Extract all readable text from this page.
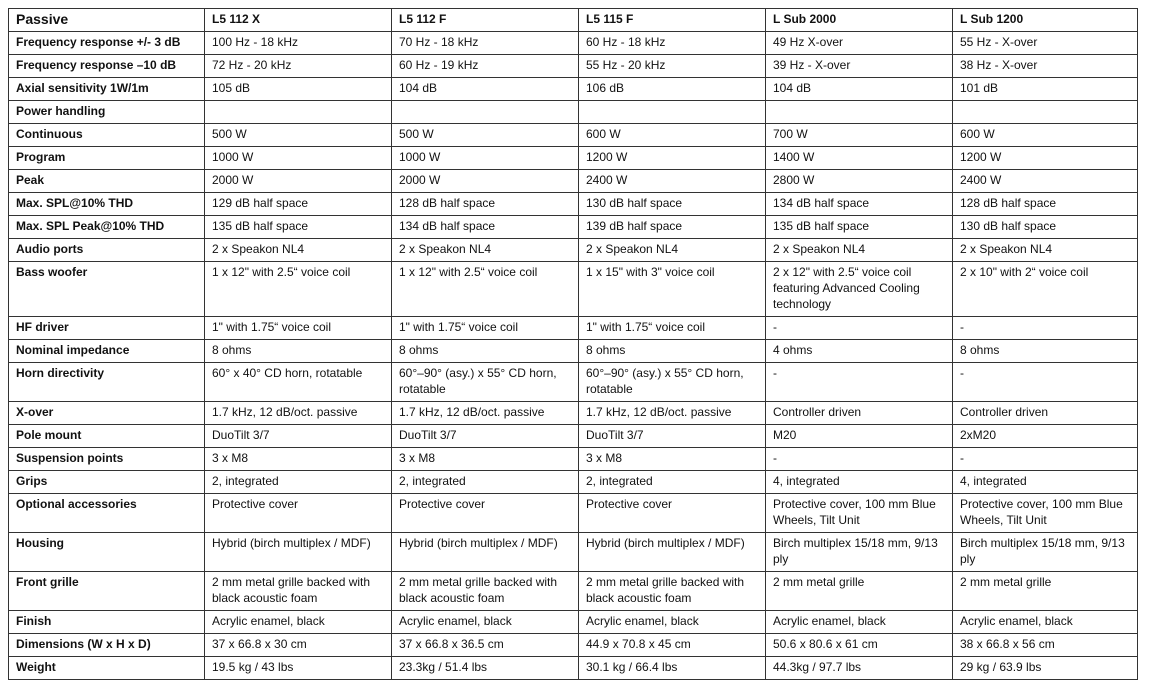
Passive	L5 112 X	L5 112 F	L5 115 F	L Sub 2000	L Sub 1200
Frequency response +/- 3 dB	100 Hz - 18 kHz	70 Hz - 18 kHz	60 Hz - 18 kHz	49 Hz X-over	55 Hz - X-over
Frequency response –10 dB	72 Hz - 20 kHz	60 Hz - 19 kHz	55 Hz - 20 kHz	39 Hz - X-over	38 Hz - X-over
Axial sensitivity 1W/1m	105 dB	104 dB	106 dB	104 dB	101 dB
Power handling					
Continuous	500 W	500 W	600 W	700 W	600 W
Program	1000 W	1000 W	1200 W	1400 W	1200 W
Peak	2000 W	2000 W	2400 W	2800 W	2400 W
Max. SPL@10% THD	129 dB half space	128 dB half space	130 dB half space	134 dB half space	128 dB half space
Max. SPL Peak@10% THD	135 dB half space	134 dB half space	139 dB half space	135 dB half space	130 dB half space
Audio ports	2 x Speakon NL4	2 x Speakon NL4	2 x Speakon NL4	2 x Speakon NL4	2 x Speakon NL4
Bass woofer	1 x 12" with 2.5“ voice coil	1 x 12" with 2.5“ voice coil	1 x 15" with 3" voice coil	2 x 12" with 2.5“ voice coil featuring Advanced Cooling technology	2 x 10" with 2“ voice coil
HF driver	1" with 1.75“ voice coil	1" with 1.75“ voice coil	1" with 1.75“ voice coil	-	-
Nominal impedance	8 ohms	8 ohms	8 ohms	4 ohms	8 ohms
Horn directivity	60° x 40° CD horn, rotatable	60°–90° (asy.) x 55° CD horn, rotatable	60°–90° (asy.) x 55° CD horn, rotatable	-	-
X-over	1.7 kHz, 12 dB/oct. passive	1.7 kHz, 12 dB/oct. passive	1.7 kHz, 12 dB/oct. passive	Controller driven	Controller driven
Pole mount	DuoTilt 3/7	DuoTilt 3/7	DuoTilt 3/7	M20	2xM20
Suspension points	3 x M8	3 x M8	3 x M8	-	-
Grips	2, integrated	2, integrated	2, integrated	4, integrated	4, integrated
Optional accessories	Protective cover	Protective cover	Protective cover	Protective cover, 100 mm Blue Wheels, Tilt Unit	Protective cover, 100 mm Blue Wheels, Tilt Unit
Housing	Hybrid (birch multiplex / MDF)	Hybrid (birch multiplex / MDF)	Hybrid (birch multiplex / MDF)	Birch multiplex 15/18 mm, 9/13 ply	Birch multiplex 15/18 mm, 9/13 ply
Front grille	2 mm metal grille backed with black acoustic foam	2 mm metal grille backed with black acoustic foam	2 mm metal grille backed with black acoustic foam	2 mm metal grille	2 mm metal grille
Finish	Acrylic enamel, black	Acrylic enamel, black	Acrylic enamel, black	Acrylic enamel, black	Acrylic enamel, black
Dimensions (W x H x D)	37 x 66.8 x 30 cm	37 x 66.8 x 36.5 cm	44.9 x 70.8 x 45 cm	50.6 x 80.6 x 61 cm	38 x 66.8 x 56 cm
Weight	19.5 kg / 43 lbs	23.3kg / 51.4 lbs	30.1 kg / 66.4 lbs	44.3kg / 97.7 lbs	29 kg / 63.9 lbs
